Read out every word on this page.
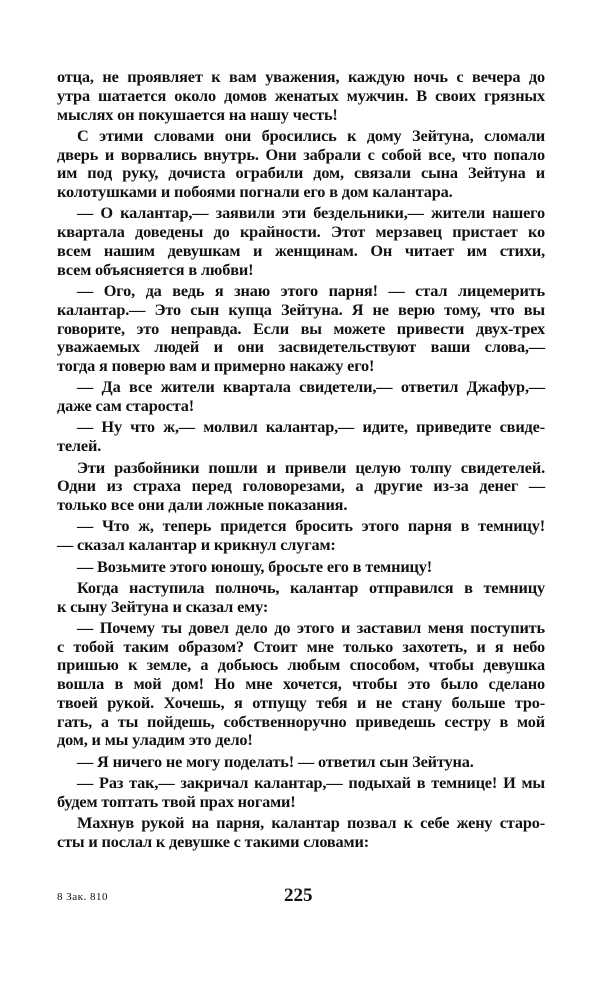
отца, не проявляет к вам уважения, каждую ночь с вечера до
утра шатается около домов женатых мужчин. В своих грязных
мыслях он покушается на нашу честь!
С этими словами они бросились к дому Зейтуна, сломали
дверь и ворвались внутрь. Они забрали с собой все, что попало
им под руку, дочиста ограбили дом, связали сына Зейтуна и
колотушками и побоями погнали его в дом калантара.
— О калантар,— заявили эти бездельники,— жители нашего
квартала доведены до крайности. Этот мерзавец пристает ко
всем нашим девушкам и женщинам. Он читает им стихи,
всем объясняется в любви!
— Ого, да ведь я знаю этого парня! — стал лицемерить
калантар.— Это сын купца Зейтуна. Я не верю тому, что вы
говорите, это неправда. Если вы можете привести двух-трех
уважаемых людей и они засвидетельствуют ваши слова,—
тогда я поверю вам и примерно накажу его!
— Да все жители квартала свидетели,— ответил Джафур,—
даже сам староста!
— Ну что ж,— молвил калантар,— идите, приведите свиде-
телей.
Эти разбойники пошли и привели целую толпу свидетелей.
Одни из страха перед головорезами, а другие из-за денег —
только все они дали ложные показания.
— Что ж, теперь придется бросить этого парня в темницу!
— сказал калантар и крикнул слугам:
— Возьмите этого юношу, бросьте его в темницу!
Когда наступила полночь, калантар отправился в темницу
к сыну Зейтуна и сказал ему:
— Почему ты довел дело до этого и заставил меня поступить
с тобой таким образом? Стоит мне только захотеть, и я небо
пришью к земле, а добьюсь любым способом, чтобы девушка
вошла в мой дом! Но мне хочется, чтобы это было сделано
твоей рукой. Хочешь, я отпущу тебя и не стану больше тро-
гать, а ты пойдешь, собственноручно приведешь сестру в мой
дом, и мы уладим это дело!
— Я ничего не могу поделать! — ответил сын Зейтуна.
— Раз так,— закричал калантар,— подыхай в темнице! И мы
будем топтать твой прах ногами!
Махнув рукой на парня, калантар позвал к себе жену старо-
сты и послал к девушке с такими словами:
8 Зак. 810	225
